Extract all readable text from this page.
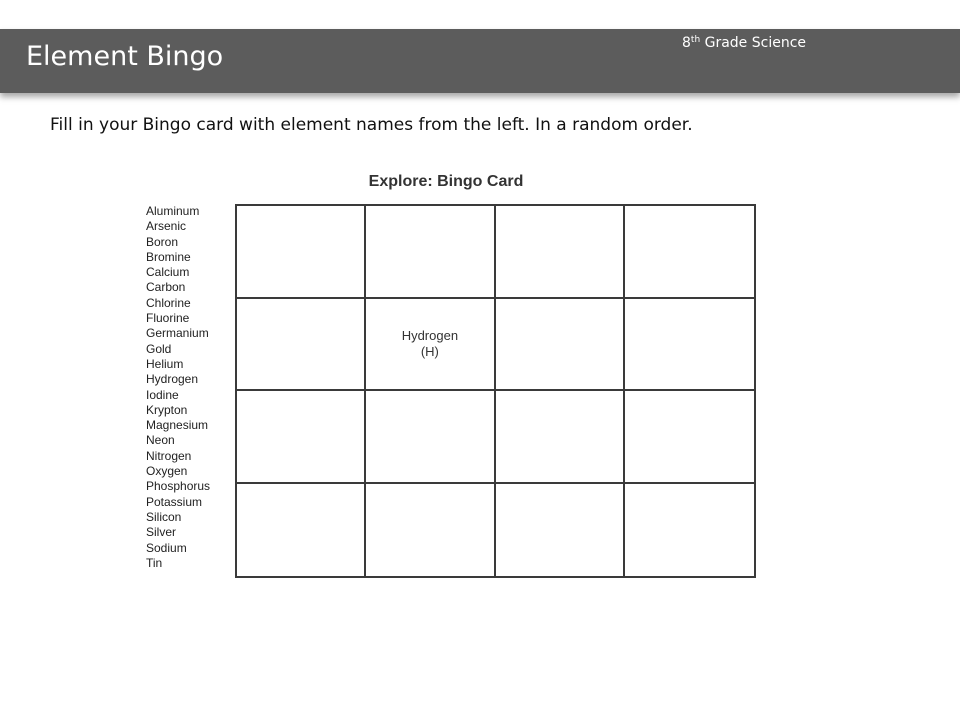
Element Bingo	8th Grade Science
Fill in your Bingo card with element names from the left. In a random order.
Explore: Bingo Card
Aluminum
Arsenic
Boron
Bromine
Calcium
Carbon
Chlorine
Fluorine
Germanium
Gold
Helium
Hydrogen
Iodine
Krypton
Magnesium
Neon
Nitrogen
Oxygen
Phosphorus
Potassium
Silicon
Silver
Sodium
Tin
Hydrogen
(H)
